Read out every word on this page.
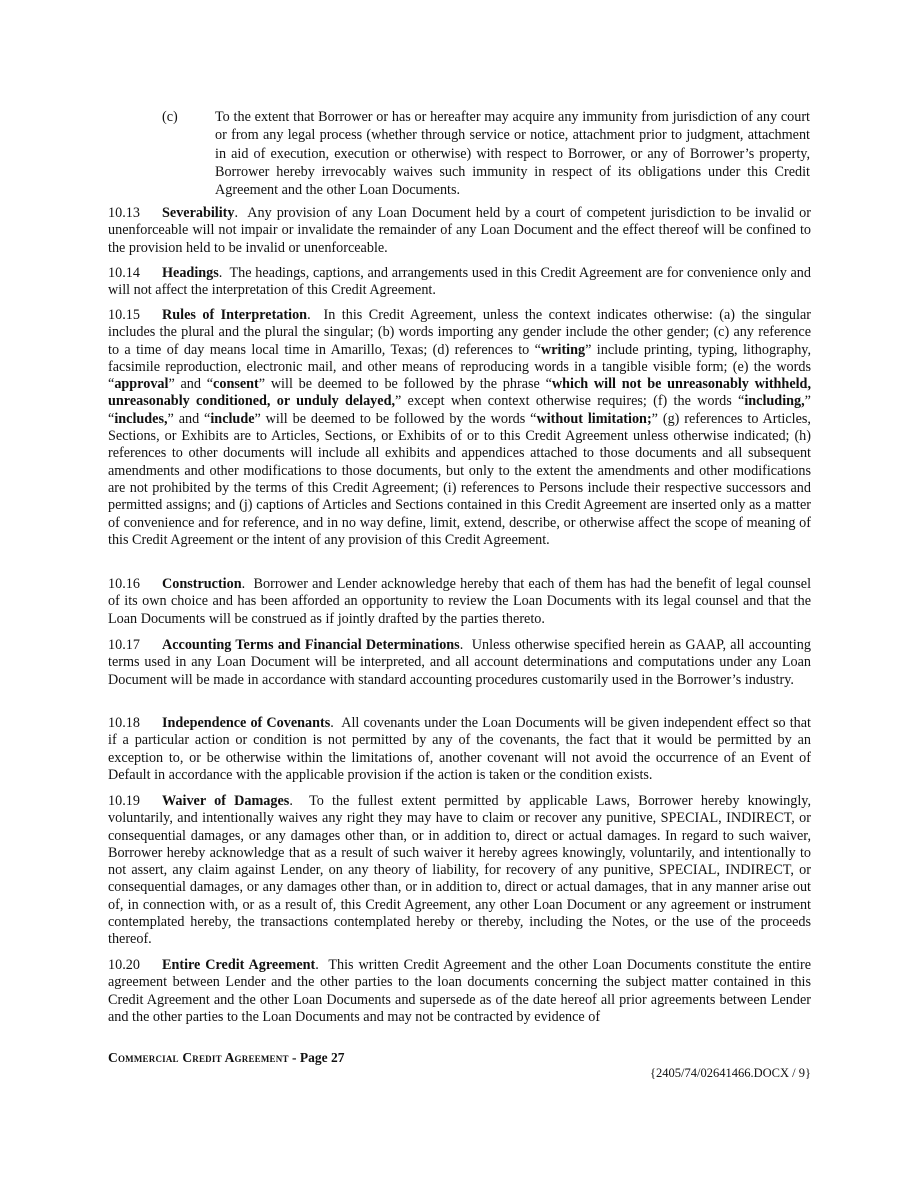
(c)	To the extent that Borrower or has or hereafter may acquire any immunity from jurisdiction of any court or from any legal process (whether through service or notice, attachment prior to judgment, attachment in aid of execution, execution or otherwise) with respect to Borrower, or any of Borrower’s property, Borrower hereby irrevocably waives such immunity in respect of its obligations under this Credit Agreement and the other Loan Documents.
10.13 Severability.  Any provision of any Loan Document held by a court of competent jurisdiction to be invalid or unenforceable will not impair or invalidate the remainder of any Loan Document and the effect thereof will be confined to the provision held to be invalid or unenforceable.
10.14 Headings.  The headings, captions, and arrangements used in this Credit Agreement are for convenience only and will not affect the interpretation of this Credit Agreement.
10.15 Rules of Interpretation.  In this Credit Agreement, unless the context indicates otherwise: (a) the singular includes the plural and the plural the singular; (b) words importing any gender include the other gender; (c) any reference to a time of day means local time in Amarillo, Texas; (d) references to “writing” include printing, typing, lithography, facsimile reproduction, electronic mail, and other means of reproducing words in a tangible visible form; (e) the words “approval” and “consent” will be deemed to be followed by the phrase “which will not be unreasonably withheld, unreasonably conditioned, or unduly delayed,” except when context otherwise requires; (f) the words “including,” “includes,” and “include” will be deemed to be followed by the words “without limitation;” (g) references to Articles, Sections, or Exhibits are to Articles, Sections, or Exhibits of or to this Credit Agreement unless otherwise indicated; (h) references to other documents will include all exhibits and appendices attached to those documents and all subsequent amendments and other modifications to those documents, but only to the extent the amendments and other modifications are not prohibited by the terms of this Credit Agreement; (i) references to Persons include their respective successors and permitted assigns; and (j) captions of Articles and Sections contained in this Credit Agreement are inserted only as a matter of convenience and for reference, and in no way define, limit, extend, describe, or otherwise affect the scope of meaning of this Credit Agreement or the intent of any provision of this Credit Agreement.
10.16 Construction.  Borrower and Lender acknowledge hereby that each of them has had the benefit of legal counsel of its own choice and has been afforded an opportunity to review the Loan Documents with its legal counsel and that the Loan Documents will be construed as if jointly drafted by the parties thereto.
10.17 Accounting Terms and Financial Determinations.  Unless otherwise specified herein as GAAP, all accounting terms used in any Loan Document will be interpreted, and all account determinations and computations under any Loan Document will be made in accordance with standard accounting procedures customarily used in the Borrower’s industry.
10.18 Independence of Covenants.  All covenants under the Loan Documents will be given independent effect so that if a particular action or condition is not permitted by any of the covenants, the fact that it would be permitted by an exception to, or be otherwise within the limitations of, another covenant will not avoid the occurrence of an Event of Default in accordance with the applicable provision if the action is taken or the condition exists.
10.19 Waiver of Damages.  To the fullest extent permitted by applicable Laws, Borrower hereby knowingly, voluntarily, and intentionally waives any right they may have to claim or recover any punitive, SPECIAL, INDIRECT, or consequential damages, or any damages other than, or in addition to, direct or actual damages. In regard to such waiver, Borrower hereby acknowledge that as a result of such waiver it hereby agrees knowingly, voluntarily, and intentionally to not assert, any claim against Lender, on any theory of liability, for recovery of any punitive, SPECIAL, INDIRECT, or consequential damages, or any damages other than, or in addition to, direct or actual damages, that in any manner arise out of, in connection with, or as a result of, this Credit Agreement, any other Loan Document or any agreement or instrument contemplated hereby, the transactions contemplated hereby or thereby, including the Notes, or the use of the proceeds thereof.
10.20 Entire Credit Agreement.  This written Credit Agreement and the other Loan Documents constitute the entire agreement between Lender and the other parties to the loan documents concerning the subject matter contained in this Credit Agreement and the other Loan Documents and supersede as of the date hereof all prior agreements between Lender and the other parties to the Loan Documents and may not be contracted by evidence of
Commercial Credit Agreement - Page 27
{2405/74/02641466.DOCX / 9}
